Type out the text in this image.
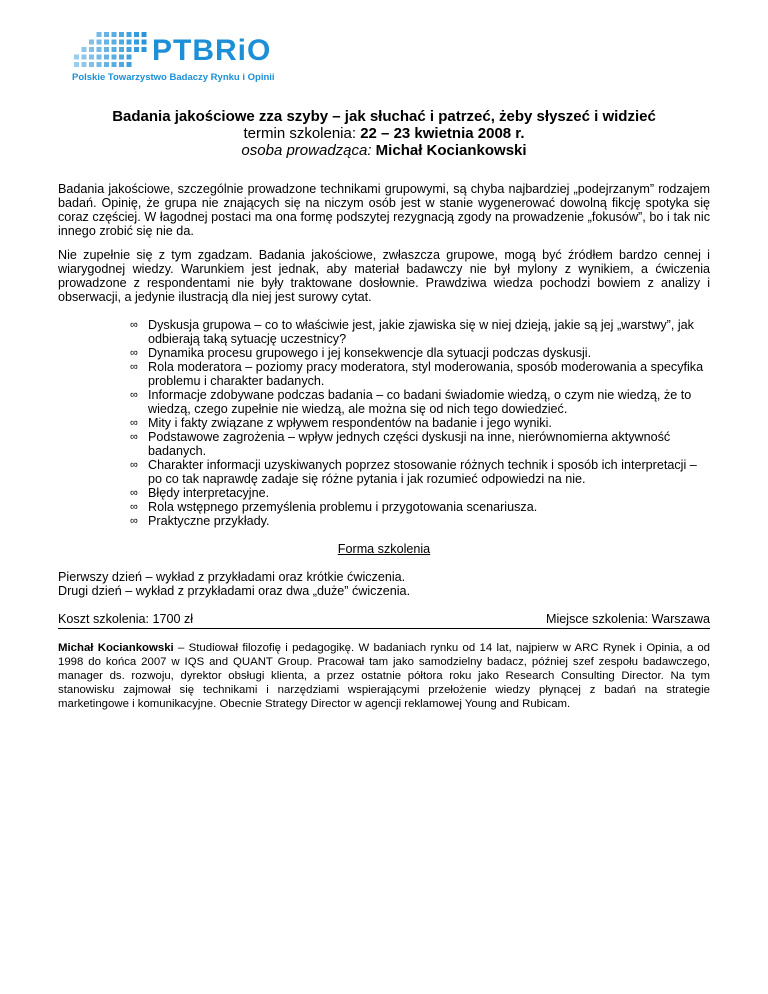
PTBRiO
Polskie Towarzystwo Badaczy Rynku i Opinii
Badania jakościowe zza szyby – jak słuchać i patrzeć, żeby słyszeć i widzieć
termin szkolenia: 22 – 23 kwietnia 2008 r.
osoba prowadząca: Michał Kociankowski
Badania jakościowe, szczególnie prowadzone technikami grupowymi, są chyba najbardziej „podejrzanym” rodzajem badań. Opinię, że grupa nie znających się na niczym osób jest w stanie wygenerować dowolną fikcję spotyka się coraz częściej. W łagodnej postaci ma ona formę podszytej rezygnacją zgody na prowadzenie „fokusów”, bo i tak nic innego zrobić się nie da.
Nie zupełnie się z tym zgadzam. Badania jakościowe, zwłaszcza grupowe, mogą być źródłem bardzo cennej i wiarygodnej wiedzy. Warunkiem jest jednak, aby materiał badawczy nie był mylony z wynikiem, a ćwiczenia prowadzone z respondentami nie były traktowane dosłownie. Prawdziwa wiedza pochodzi bowiem z analizy i obserwacji, a jedynie ilustracją dla niej jest surowy cytat.
∞ Dyskusja grupowa – co to właściwie jest, jakie zjawiska się w niej dzieją, jakie są jej „warstwy”, jak odbierają taką sytuację uczestnicy?
∞ Dynamika procesu grupowego i jej konsekwencje dla sytuacji podczas dyskusji.
∞ Rola moderatora – poziomy pracy moderatora, styl moderowania, sposób moderowania a specyfika problemu i charakter badanych.
∞ Informacje zdobywane podczas badania – co badani świadomie wiedzą, o czym nie wiedzą, że to wiedzą, czego zupełnie nie wiedzą, ale można się od nich tego dowiedzieć.
∞ Mity i fakty związane z wpływem respondentów na badanie i jego wyniki.
∞ Podstawowe zagrożenia – wpływ jednych części dyskusji na inne, nierównomierna aktywność badanych.
∞ Charakter informacji uzyskiwanych poprzez stosowanie różnych technik i sposób ich interpretacji – po co tak naprawdę zadaje się różne pytania i jak rozumieć odpowiedzi na nie.
∞ Błędy interpretacyjne.
∞ Rola wstępnego przemyślenia problemu i przygotowania scenariusza.
∞ Praktyczne przykłady.
Forma szkolenia
Pierwszy dzień – wykład z przykładami oraz krótkie ćwiczenia.
Drugi dzień – wykład z przykładami oraz dwa „duże” ćwiczenia.
Koszt szkolenia: 1700 zł	Miejsce szkolenia: Warszawa
Michał Kociankowski – Studiował filozofię i pedagogikę. W badaniach rynku od 14 lat, najpierw w ARC Rynek i Opinia, a od 1998 do końca 2007 w IQS and QUANT Group. Pracował tam jako samodzielny badacz, później szef zespołu badawczego, manager ds. rozwoju, dyrektor obsługi klienta, a przez ostatnie półtora roku jako Research Consulting Director. Na tym stanowisku zajmował się technikami i narzędziami wspierającymi przełożenie wiedzy płynącej z badań na strategie marketingowe i komunikacyjne. Obecnie Strategy Director w agencji reklamowej Young and Rubicam.
